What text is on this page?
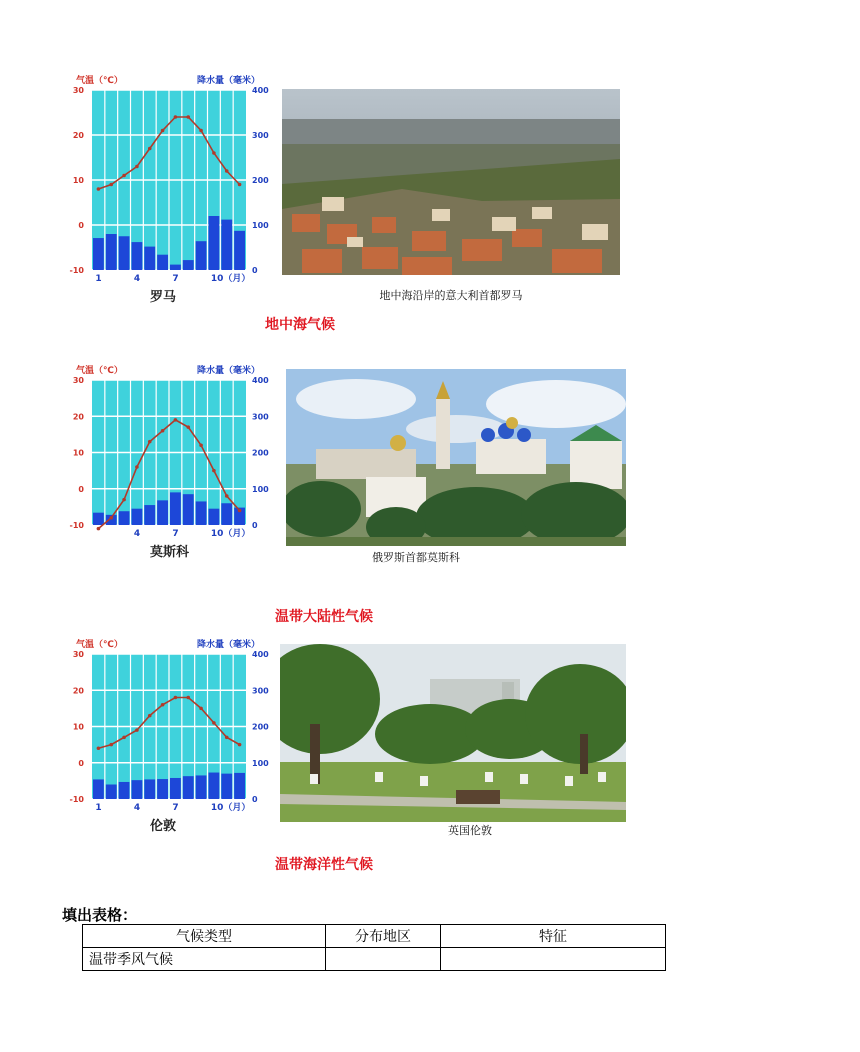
气温（℃）	降水量（毫米）
30
20
10
0
-10
400
300
200
100
0
1	4	7	10（月）
罗马	地中海沿岸的意大利首都罗马
地中海气候
气温（℃）	降水量（毫米）
30
20
10
0
-10
400
300
200
100
0
4	7	10（月）
莫斯科	俄罗斯首都莫斯科
温带大陆性气候
气温（℃）	降水量（毫米）
30
20
10
0
-10
400
300
200
100
0
1	4	7	10（月）
伦敦	英国伦敦
温带海洋性气候
填出表格：
气候类型	分布地区	特征
温带季风气候		
